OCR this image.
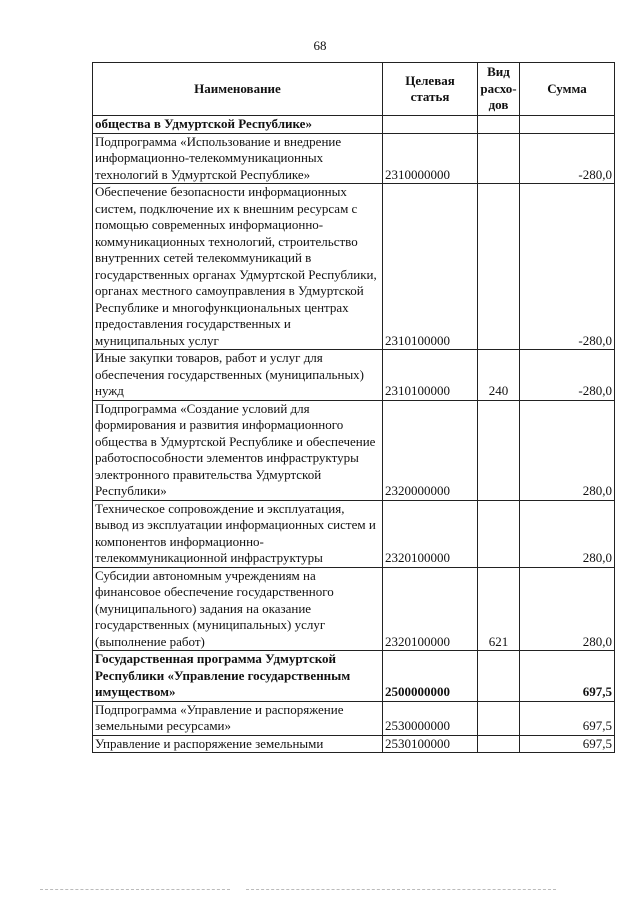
68
Наименование	Целевая статья	Вид расхо- дов	Сумма
общества в Удмуртской Республике»			
Подпрограмма «Использование и внедрение информационно-телекоммуникационных технологий в Удмуртской Республике»	2310000000		-280,0
Обеспечение безопасности информационных систем, подключение их к внешним ресурсам с помощью современных информационно-коммуникационных технологий, строительство внутренних сетей телекоммуникаций в государственных органах Удмуртской Республики, органах местного самоуправления в Удмуртской Республике и многофункциональных центрах предоставления государственных и муниципальных услуг	2310100000		-280,0
Иные закупки товаров, работ и услуг для обеспечения государственных (муниципальных) нужд	2310100000	240	-280,0
Подпрограмма «Создание условий для формирования и развития информационного общества в Удмуртской Республике и обеспечение работоспособности элементов инфраструктуры электронного правительства Удмуртской Республики»	2320000000		280,0
Техническое сопровождение и эксплуатация, вывод из эксплуатации информационных систем и компонентов информационно-телекоммуникационной инфраструктуры	2320100000		280,0
Субсидии автономным учреждениям на финансовое обеспечение государственного (муниципального) задания на оказание государственных (муниципальных) услуг (выполнение работ)	2320100000	621	280,0
Государственная программа Удмуртской Республики «Управление государственным имуществом»	2500000000		697,5
Подпрограмма «Управление и распоряжение земельными ресурсами»	2530000000		697,5
Управление и распоряжение земельными	2530100000		697,5
